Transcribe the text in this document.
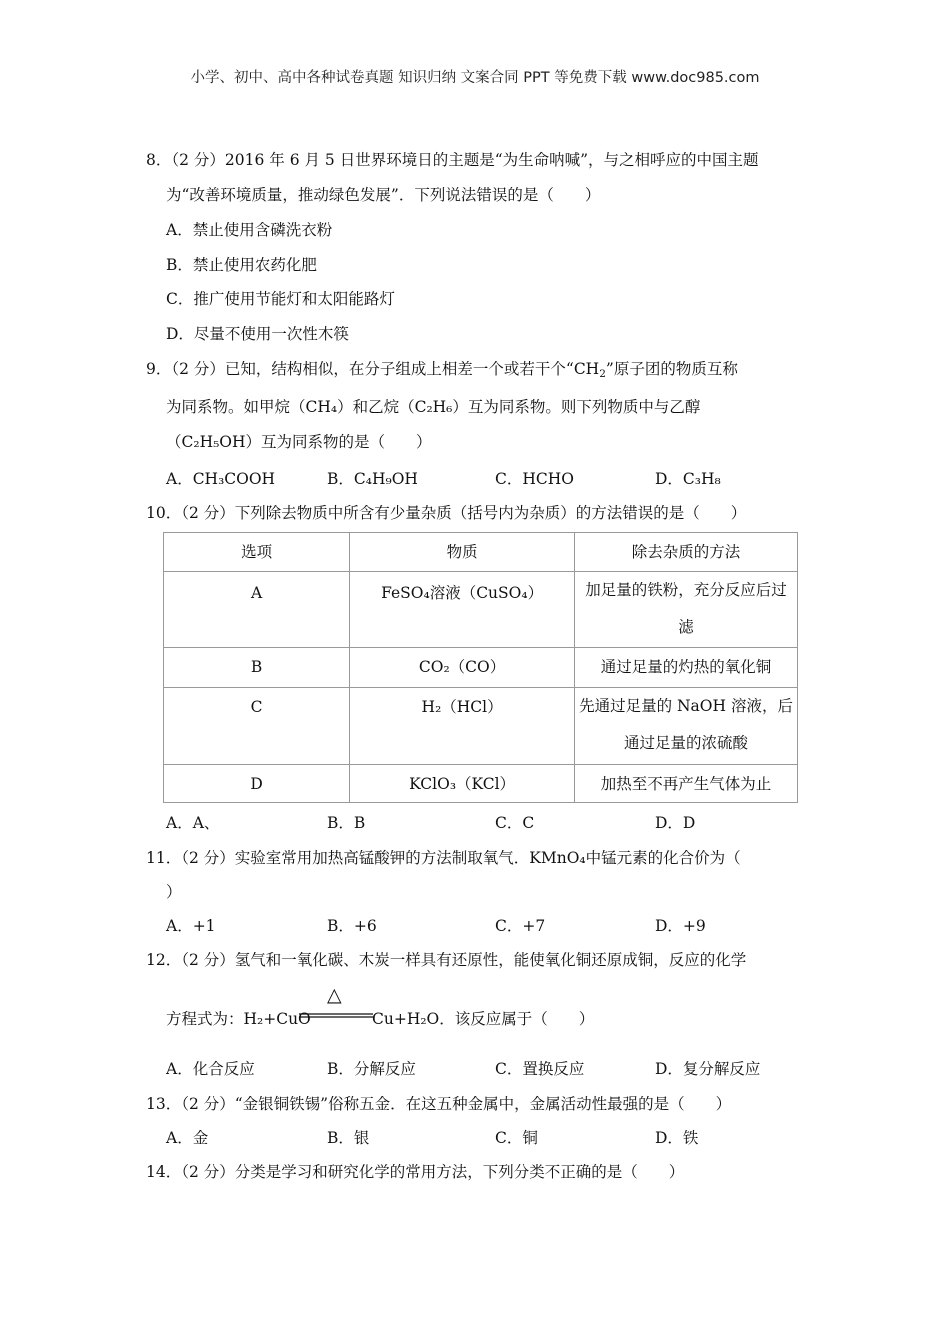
小学、初中、高中各种试卷真题 知识归纳 文案合同 PPT 等免费下载 www.doc985.com
8．（2 分）2016 年 6 月 5 日世界环境日的主题是“为生命呐喊”，与之相呼应的中国主题
为“改善环境质量，推动绿色发展”．下列说法错误的是（　　）
A．禁止使用含磷洗衣粉
B．禁止使用农药化肥
C．推广使用节能灯和太阳能路灯
D．尽量不使用一次性木筷
9．（2 分）已知，结构相似，在分子组成上相差一个或若干个“$CH_2$”原子团的物质互称
为同系物。如甲烷（CH₄）和乙烷（C₂H₆）互为同系物。则下列物质中与乙醇
（C₂H₅OH）互为同系物的是（　　）
A．CH₃COOH	B．C₄H₉OH	C．HCHO	D．C₃H₈
10．（2 分）下列除去物质中所含有少量杂质（括号内为杂质）的方法错误的是（　　）
选项	物质	除去杂质的方法
A	FeSO₄溶液（CuSO₄）	加足量的铁粉，充分反应后过
滤

B	CO₂（CO）	通过足量的灼热的氧化铜
C	H₂（HCl）	先通过足量的 NaOH 溶液，后
通过足量的浓硫酸

D	KClO₃（KCl）	加热至不再产生气体为止
A．A、	B．B	C．C	D．D
11．（2 分）实验室常用加热高锰酸钾的方法制取氧气．KMnO₄中锰元素的化合价为（
）
A．+1	B．+6	C．+7	D．+9
12．（2 分）氢气和一氧化碳、木炭一样具有还原性，能使氧化铜还原成铜，反应的化学
方程式为：H₂+CuO
△
Cu+H₂O．该反应属于（　　）
A．化合反应	B．分解反应	C．置换反应	D．复分解反应
13．（2 分）“金银铜铁锡”俗称五金．在这五种金属中，金属活动性最强的是（　　）
A．金	B．银	C．铜	D．铁
14．（2 分）分类是学习和研究化学的常用方法，下列分类不正确的是（　　）
